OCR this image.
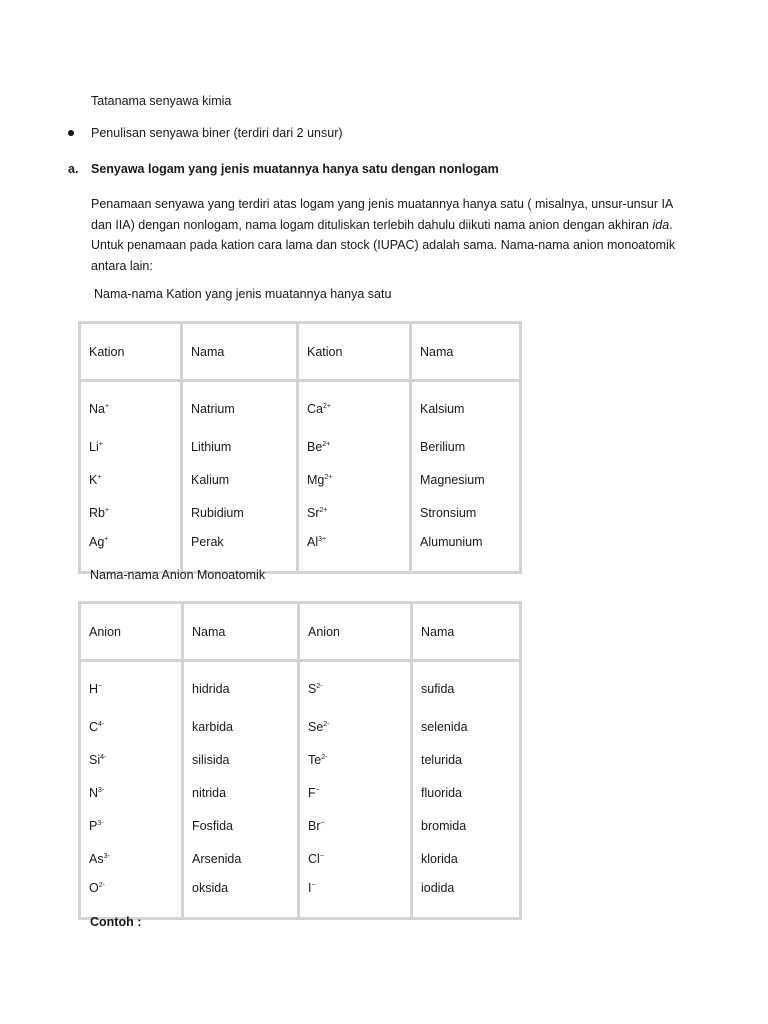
Tatanama senyawa kimia
Penulisan senyawa biner (terdiri dari 2 unsur)
a. Senyawa logam yang jenis muatannya hanya satu dengan nonlogam
Penamaan senyawa yang terdiri atas logam yang jenis muatannya hanya satu ( misalnya, unsur-unsur IA dan IIA) dengan nonlogam, nama logam dituliskan terlebih dahulu diikuti nama anion dengan akhiran ida. Untuk penamaan pada kation cara lama dan stock (IUPAC) adalah sama. Nama-nama anion monoatomik antara lain:
Nama-nama Kation yang jenis muatannya hanya satu
Kation	Nama	Kation	Nama
Na+	Natrium	$Ca^{2+}$	Kalsium
Li+	Lithium	$Be^{2+}$	Berilium
K+	Kalium	$Mg^{2+}$	Magnesium
Rb+	Rubidium	$Sr^{2+}$	Stronsium
Ag+	Perak	$Al^{3+}$	Alumunium
Nama-nama Anion Monoatomik
Anion	Nama	Anion	Nama
H−	hidrida	$S^{2-}$	sufida
$C^{4-}$	karbida	$Se^{2-}$	selenida
$Si^{4-}$	silisida	$Te^{2-}$	telurida
$N^{3-}$	nitrida	F−	fluorida
$P^{3-}$	Fosfida	Br−	bromida
$As^{3-}$	Arsenida	Cl−	klorida
$O^{2-}$	oksida	I−	iodida
Contoh :
